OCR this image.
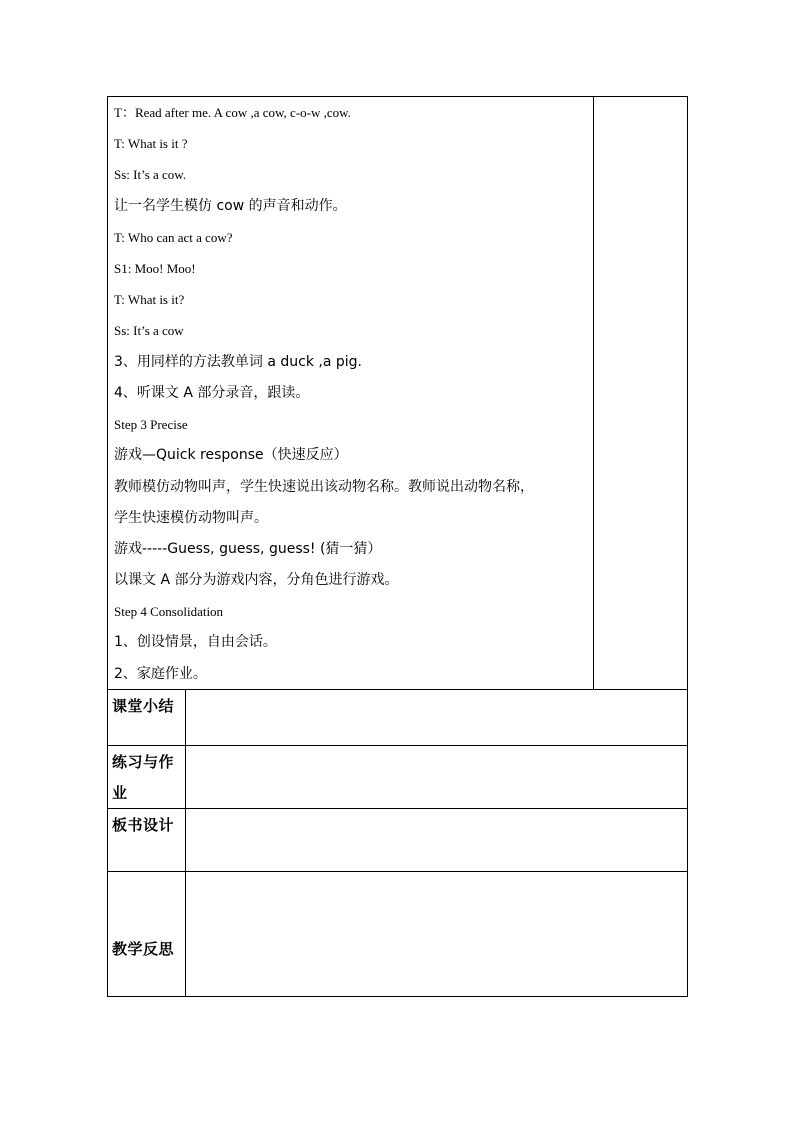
T：Read after me. A cow ,a cow, c-o-w ,cow.
T: What is it ?
Ss: It’s a cow.
让一名学生模仿 cow 的声音和动作。
T: Who can act a cow?
S1: Moo! Moo!
T: What is it?
Ss: It’s a cow
3、用同样的方法教单词 a duck ,a pig.
4、听课文 A 部分录音，跟读。
Step 3 Precise
游戏—Quick response（快速反应）
教师模仿动物叫声，学生快速说出该动物名称。教师说出动物名称，
学生快速模仿动物叫声。
游戏-----Guess, guess, guess! (猜一猜）
以课文 A 部分为游戏内容，分角色进行游戏。
Step 4 Consolidation
1、创设情景，自由会话。
2、家庭作业。
课堂小结
练习与作
业
板书设计
教学反思
